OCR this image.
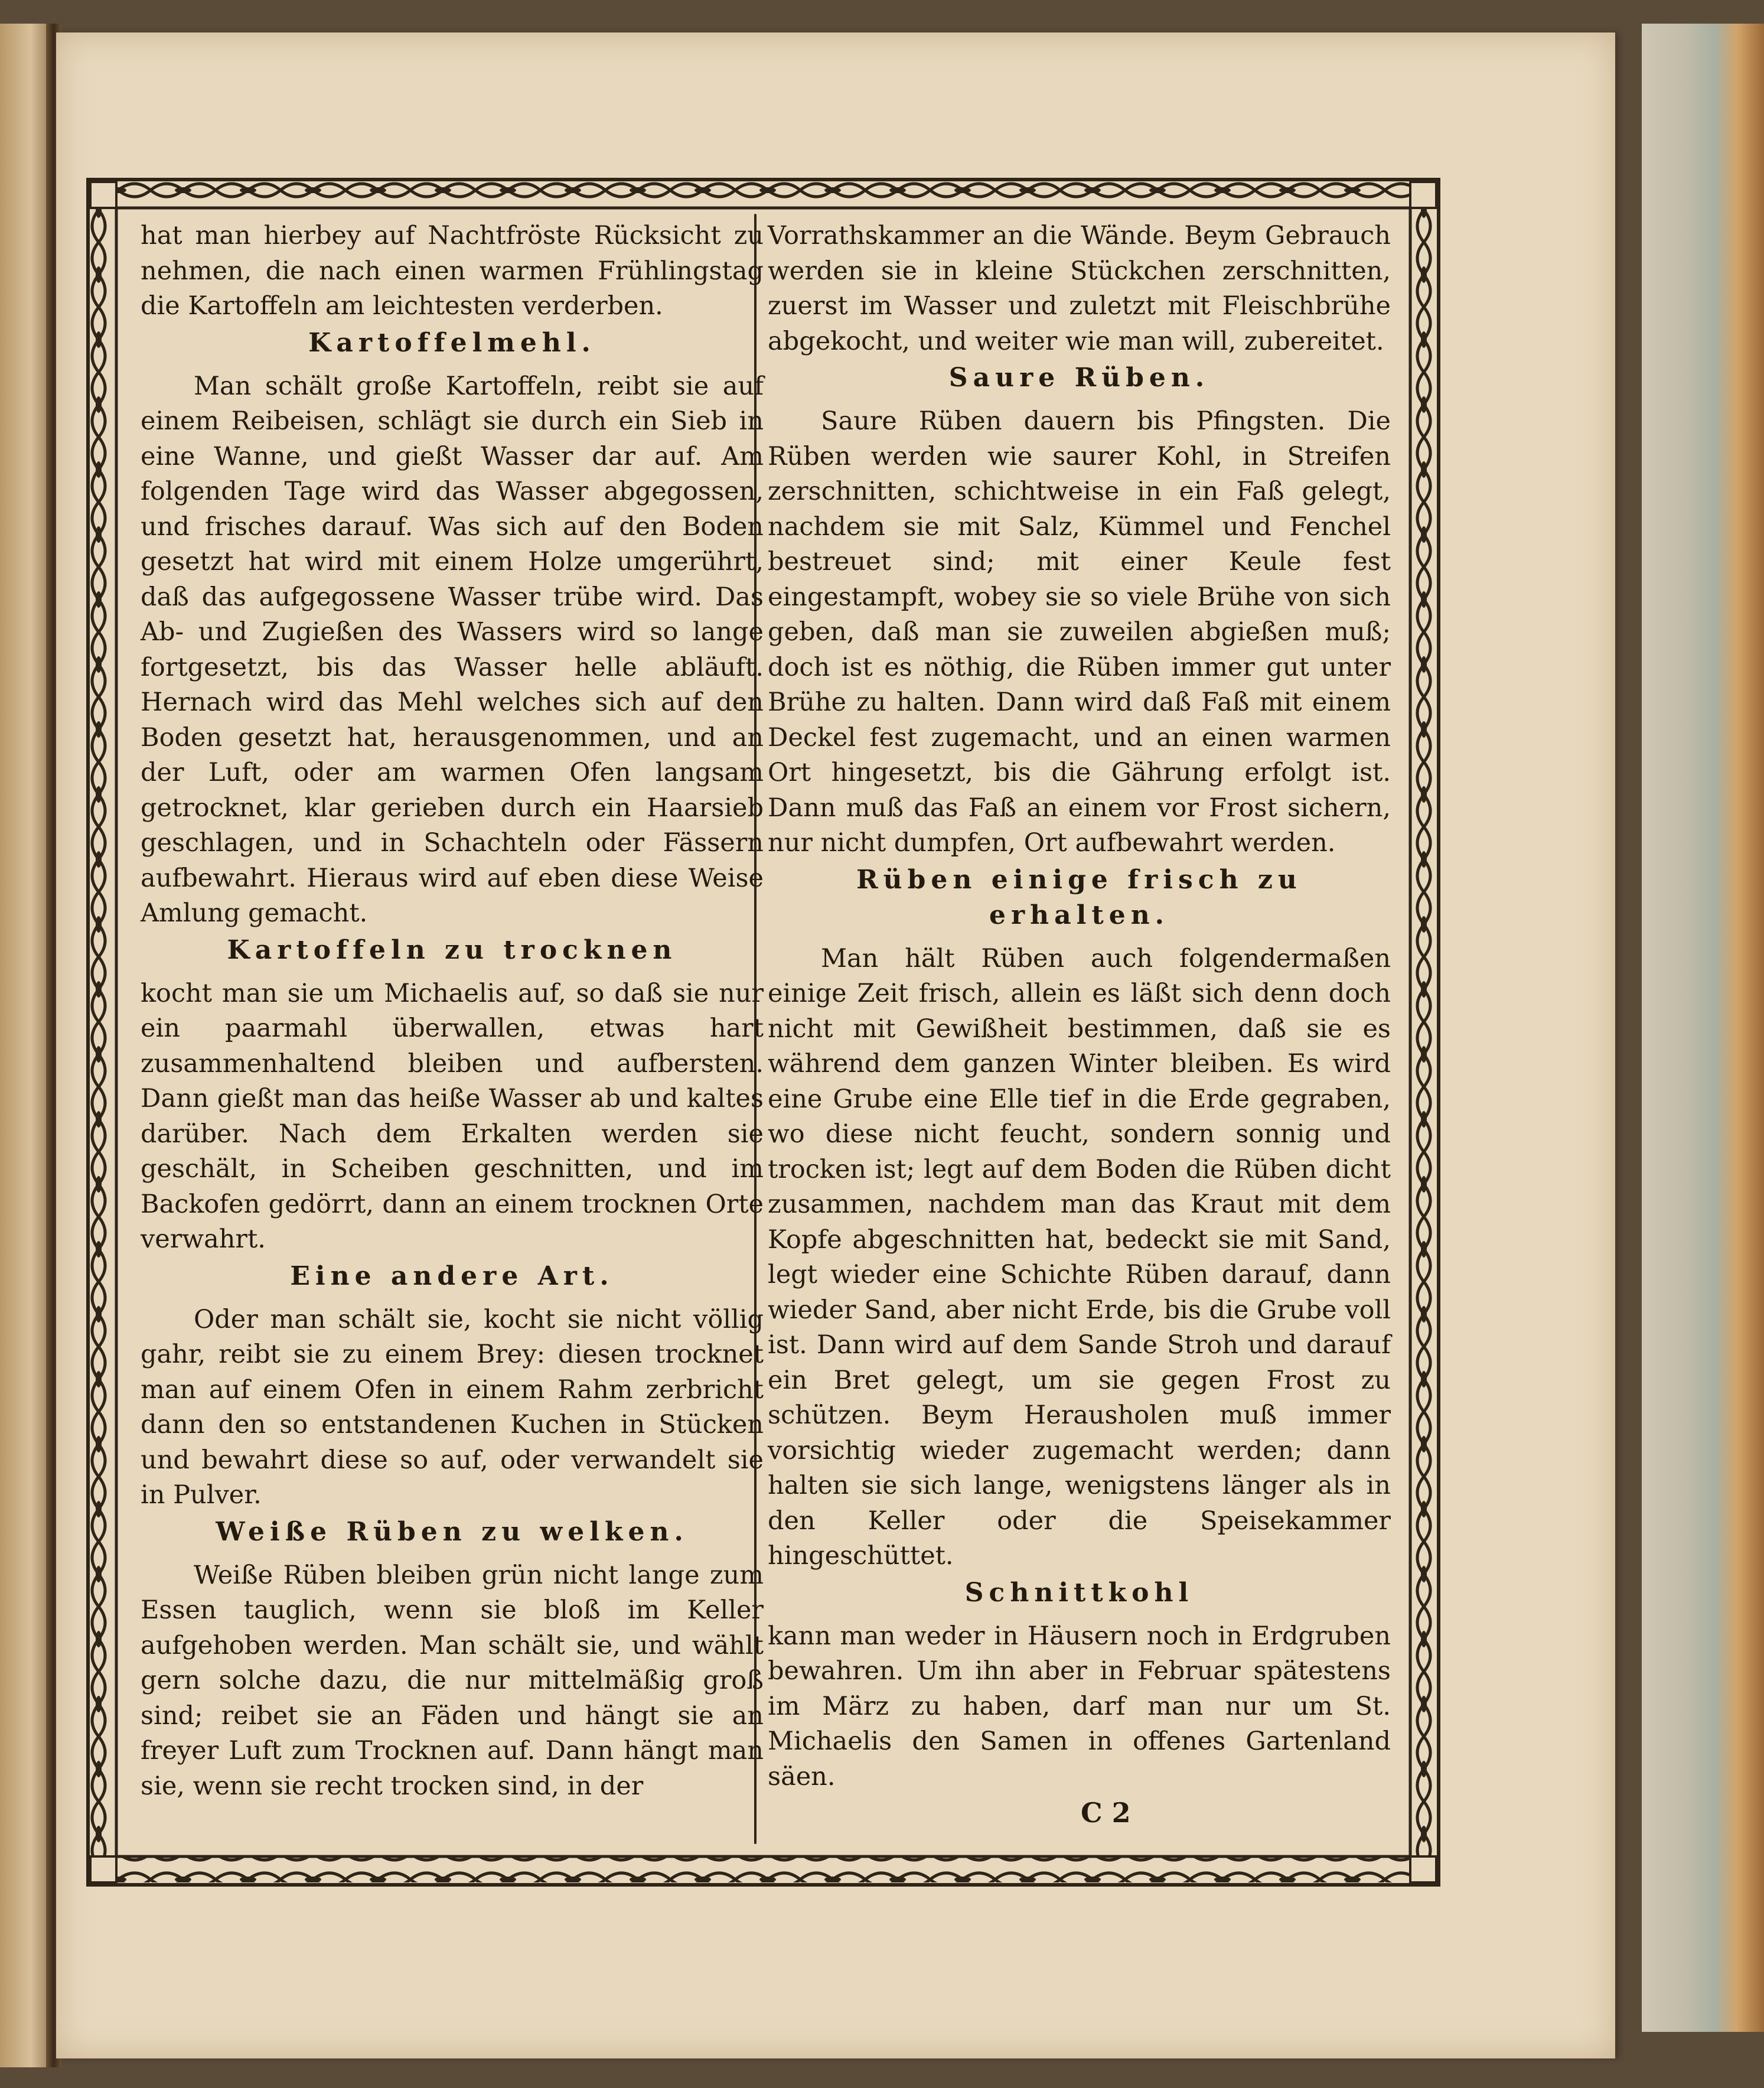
hat man hierbey auf Nachtfröste Rücksicht zu nehmen, die nach einen warmen Frühlingstag die Kartoffeln am leichtesten verderben.

Kartoffelmehl.

Man schält große Kartoffeln, reibt sie auf einem Reibeisen, schlägt sie durch ein Sieb in eine Wanne, und gießt Wasser dar auf. Am folgenden Tage wird das Wasser abgegossen, und frisches darauf. Was sich auf den Boden gesetzt hat wird mit einem Holze umgerührt, daß das aufgegossene Wasser trübe wird. Das Ab- und Zugießen des Wassers wird so lange fortgesetzt, bis das Wasser helle abläuft. Hernach wird das Mehl welches sich auf den Boden gesetzt hat, herausgenommen, und an der Luft, oder am warmen Ofen langsam getrocknet, klar gerieben durch ein Haarsieb geschlagen, und in Schachteln oder Fässern aufbewahrt. Hieraus wird auf eben diese Weise Amlung gemacht.

Kartoffeln zu trocknen

kocht man sie um Michaelis auf, so daß sie nur ein paarmahl überwallen, etwas hart zusammenhaltend bleiben und aufbersten. Dann gießt man das heiße Wasser ab und kaltes darüber. Nach dem Erkalten werden sie geschält, in Scheiben geschnitten, und im Backofen gedörrt, dann an einem trocknen Orte verwahrt.

Eine andere Art.

Oder man schält sie, kocht sie nicht völlig gahr, reibt sie zu einem Brey: diesen trocknet man auf einem Ofen in einem Rahm zerbricht dann den so entstandenen Kuchen in Stücken und bewahrt diese so auf, oder verwandelt sie in Pulver.

Weiße Rüben zu welken.

Weiße Rüben bleiben grün nicht lange zum Essen tauglich, wenn sie bloß im Keller aufgehoben werden. Man schält sie, und wählt gern solche dazu, die nur mittelmäßig groß sind; reibet sie an Fäden und hängt sie an freyer Luft zum Trocknen auf. Dann hängt man sie, wenn sie recht trocken sind, in der

Vorrathskammer an die Wände. Beym Gebrauch werden sie in kleine Stückchen zerschnitten, zuerst im Wasser und zuletzt mit Fleischbrühe abgekocht, und weiter wie man will, zubereitet.

Saure Rüben.

Saure Rüben dauern bis Pfingsten. Die Rüben werden wie saurer Kohl, in Streifen zerschnitten, schichtweise in ein Faß gelegt, nachdem sie mit Salz, Kümmel und Fenchel bestreuet sind; mit einer Keule fest eingestampft, wobey sie so viele Brühe von sich geben, daß man sie zuweilen abgießen muß; doch ist es nöthig, die Rüben immer gut unter Brühe zu halten. Dann wird daß Faß mit einem Deckel fest zugemacht, und an einen warmen Ort hingesetzt, bis die Gährung erfolgt ist. Dann muß das Faß an einem vor Frost sichern, nur nicht dumpfen, Ort aufbewahrt werden.

Rüben einige frisch zu erhalten.

Man hält Rüben auch folgendermaßen einige Zeit frisch, allein es läßt sich denn doch nicht mit Gewißheit bestimmen, daß sie es während dem ganzen Winter bleiben. Es wird eine Grube eine Elle tief in die Erde gegraben, wo diese nicht feucht, sondern sonnig und trocken ist; legt auf dem Boden die Rüben dicht zusammen, nachdem man das Kraut mit dem Kopfe abgeschnitten hat, bedeckt sie mit Sand, legt wieder eine Schichte Rüben darauf, dann wieder Sand, aber nicht Erde, bis die Grube voll ist. Dann wird auf dem Sande Stroh und darauf ein Bret gelegt, um sie gegen Frost zu schützen. Beym Herausholen muß immer vorsichtig wieder zugemacht werden; dann halten sie sich lange, wenigstens länger als in den Keller oder die Speisekammer hingeschüttet.

Schnittkohl

kann man weder in Häusern noch in Erdgruben bewahren. Um ihn aber in Februar spätestens im März zu haben, darf man nur um St. Michaelis den Samen in offenes Gartenland säen.

C 2
